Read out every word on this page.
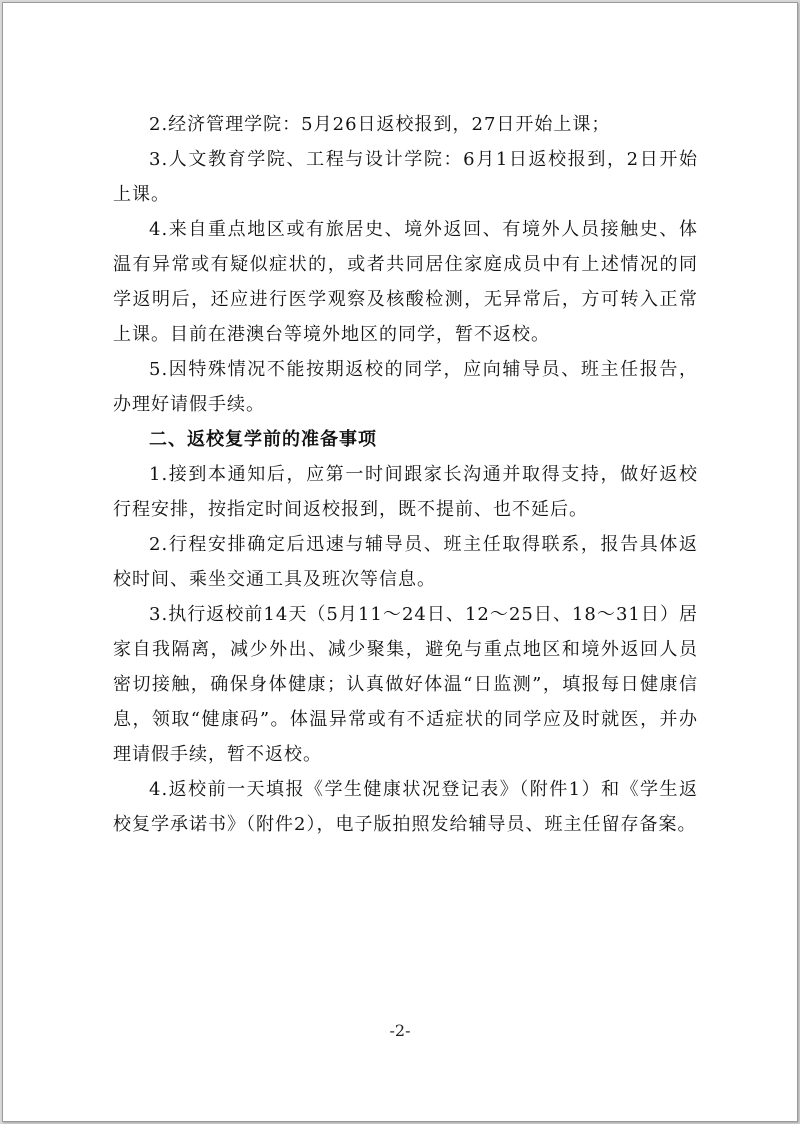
2.经济管理学院：5月26日返校报到，27日开始上课；

3.人文教育学院、工程与设计学院：6月1日返校报到，2日开始上课。

4.来自重点地区或有旅居史、境外返回、有境外人员接触史、体温有异常或有疑似症状的，或者共同居住家庭成员中有上述情况的同学返明后，还应进行医学观察及核酸检测，无异常后，方可转入正常上课。目前在港澳台等境外地区的同学，暂不返校。

5.因特殊情况不能按期返校的同学，应向辅导员、班主任报告，办理好请假手续。

二、返校复学前的准备事项

1.接到本通知后，应第一时间跟家长沟通并取得支持，做好返校行程安排，按指定时间返校报到，既不提前、也不延后。

2.行程安排确定后迅速与辅导员、班主任取得联系，报告具体返校时间、乘坐交通工具及班次等信息。

3.执行返校前14天（5月11～24日、12～25日、18～31日）居家自我隔离，减少外出、减少聚集，避免与重点地区和境外返回人员密切接触，确保身体健康；认真做好体温“日监测”，填报每日健康信息，领取“健康码”。体温异常或有不适症状的同学应及时就医，并办理请假手续，暂不返校。

4.返校前一天填报《学生健康状况登记表》（附件1）和《学生返校复学承诺书》（附件2），电子版拍照发给辅导员、班主任留存备案。

-2-
